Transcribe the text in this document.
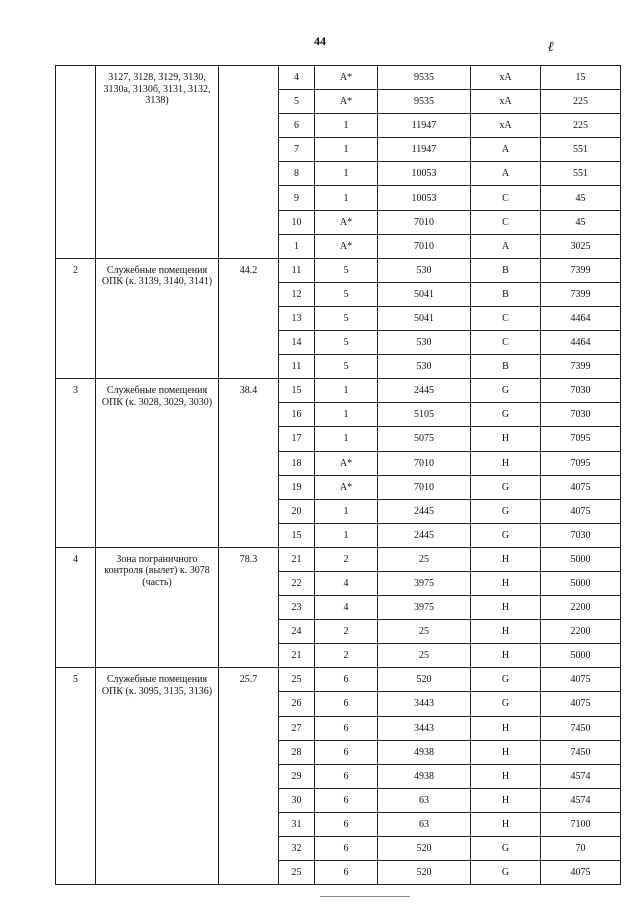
44	ℓ
	3127, 3128, 3129, 3130, 3130а, 3130б, 3131, 3132, 3138)		4	А*	9535	хА	15
			5	А*	9535	хА	225
			6	1	11947	хА	225
			7	1	11947	А	551
			8	1	10053	А	551
			9	1	10053	С	45
			10	А*	7010	С	45
			1	А*	7010	А	3025
2	Служебные помещения ОПК (к. 3139, 3140, 3141)	44.2	11	5	530	В	7399
			12	5	5041	В	7399
			13	5	5041	С	4464
			14	5	530	С	4464
			11	5	530	В	7399
3	Служебные помещения ОПК (к. 3028, 3029, 3030)	38.4	15	1	2445	G	7030
			16	1	5105	G	7030
			17	1	5075	Н	7095
			18	А*	7010	Н	7095
			19	А*	7010	G	4075
			20	1	2445	G	4075
			15	1	2445	G	7030
4	Зона пограничного контроля (вылет) к. 3078 (часть)	78.3	21	2	25	Н	5000
			22	4	3975	Н	5000
			23	4	3975	Н	2200
			24	2	25	Н	2200
			21	2	25	Н	5000
5	Служебные помещения ОПК (к. 3095, 3135, 3136)	25.7	25	6	520	G	4075
			26	6	3443	G	4075
			27	6	3443	Н	7450
			28	6	4938	Н	7450
			29	6	4938	Н	4574
			30	6	63	Н	4574
			31	6	63	Н	7100
			32	6	520	G	70
			25	6	520	G	4075
